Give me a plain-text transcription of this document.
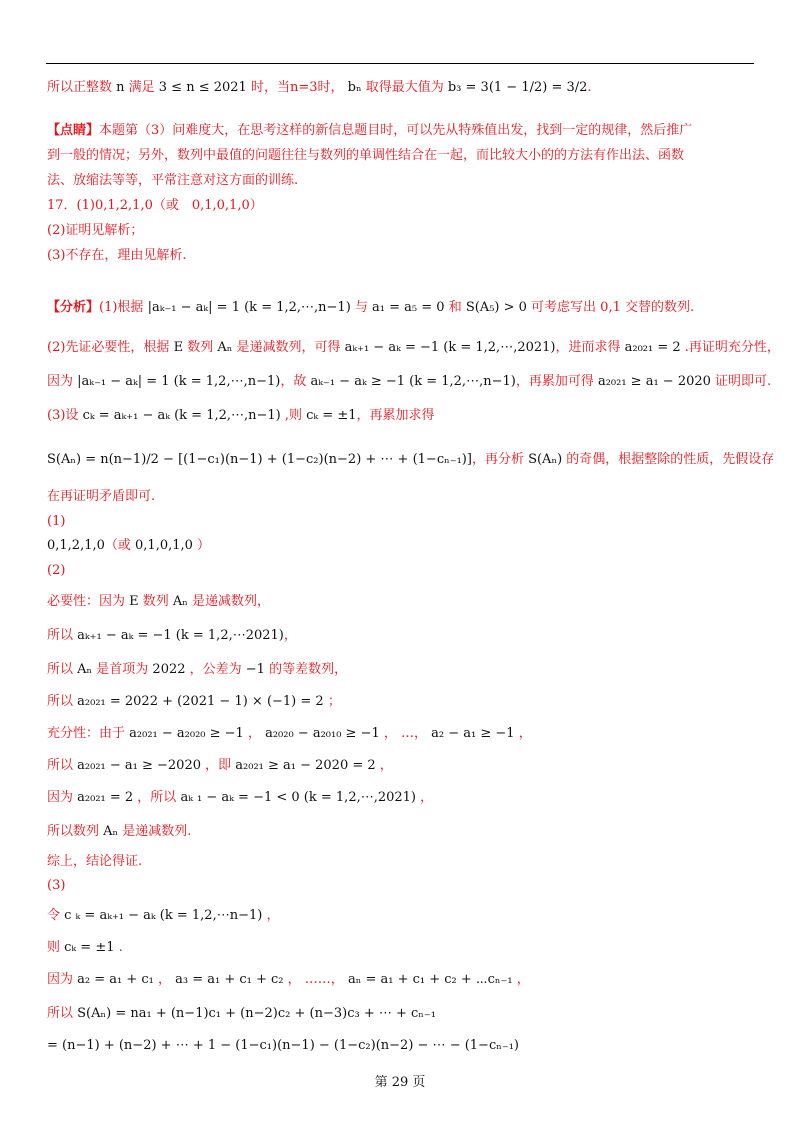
所以正整数 n 满足 3 ≤ n ≤ 2021 时，当n=3时， bₙ 取得最大值为 b₃ = 3(1 − 1/2) = 3/2.
【点睛】本题第（3）问难度大，在思考这样的新信息题目时，可以先从特殊值出发，找到一定的规律，然后推广
到一般的情况；另外，数列中最值的问题往往与数列的单调性结合在一起，而比较大小的的方法有作出法、函数
法、放缩法等等，平常注意对这方面的训练.
17．(1)0,1,2,1,0（或　0,1,0,1,0）
(2)证明见解析；
(3)不存在，理由见解析.
【分析】(1)根据 |aₖ₋₁ − aₖ| = 1 (k = 1,2,⋯,n−1) 与 a₁ = a₅ = 0 和 S(A₅) > 0 可考虑写出 0,1 交替的数列.
(2)先证必要性，根据 E 数列 Aₙ 是递减数列，可得 aₖ₊₁ − aₖ = −1 (k = 1,2,⋯,2021)，进而求得 a₂₀₂₁ = 2 .再证明充分性，
因为 |aₖ₋₁ − aₖ| = 1 (k = 1,2,⋯,n−1)，故 aₖ₋₁ − aₖ ≥ −1 (k = 1,2,⋯,n−1)，再累加可得 a₂₀₂₁ ≥ a₁ − 2020 证明即可.
(3)设 cₖ = aₖ₊₁ − aₖ (k = 1,2,⋯,n−1) ,则 cₖ = ±1，再累加求得
S(Aₙ) = n(n−1)/2 − [(1−c₁)(n−1) + (1−c₂)(n−2) + ⋯ + (1−cₙ₋₁)]，再分析 S(Aₙ) 的奇偶，根据整除的性质，先假设存
在再证明矛盾即可.
(1)
0,1,2,1,0（或 0,1,0,1,0 ）
(2)
必要性：因为 E 数列 Aₙ 是递减数列，
所以 aₖ₊₁ − aₖ = −1 (k = 1,2,⋯2021)，
所以 Aₙ 是首项为 2022 ，公差为 −1 的等差数列，
所以 a₂₀₂₁ = 2022 + (2021 − 1) × (−1) = 2 ；
充分性：由于 a₂₀₂₁ − a₂₀₂₀ ≥ −1 ， a₂₀₂₀ − a₂₀₁₀ ≥ −1 ， …， a₂ − a₁ ≥ −1 ，
所以 a₂₀₂₁ − a₁ ≥ −2020 ，即 a₂₀₂₁ ≥ a₁ − 2020 = 2 ，
因为 a₂₀₂₁ = 2 ，所以 aₖ ₁ − aₖ = −1 < 0 (k = 1,2,⋯,2021) ，
所以数列 Aₙ 是递减数列.
综上，结论得证.
(3)
令 c ₖ = aₖ₊₁ − aₖ (k = 1,2,⋯n−1) ，
则 cₖ = ±1 .
因为 a₂ = a₁ + c₁ ， a₃ = a₁ + c₁ + c₂ ， ……， aₙ = a₁ + c₁ + c₂ + ⋯cₙ₋₁ ，
所以 S(Aₙ) = na₁ + (n−1)c₁ + (n−2)c₂ + (n−3)c₃ + ⋯ + cₙ₋₁
= (n−1) + (n−2) + ⋯ + 1 − (1−c₁)(n−1) − (1−c₂)(n−2) − ⋯ − (1−cₙ₋₁)
第 29 页
